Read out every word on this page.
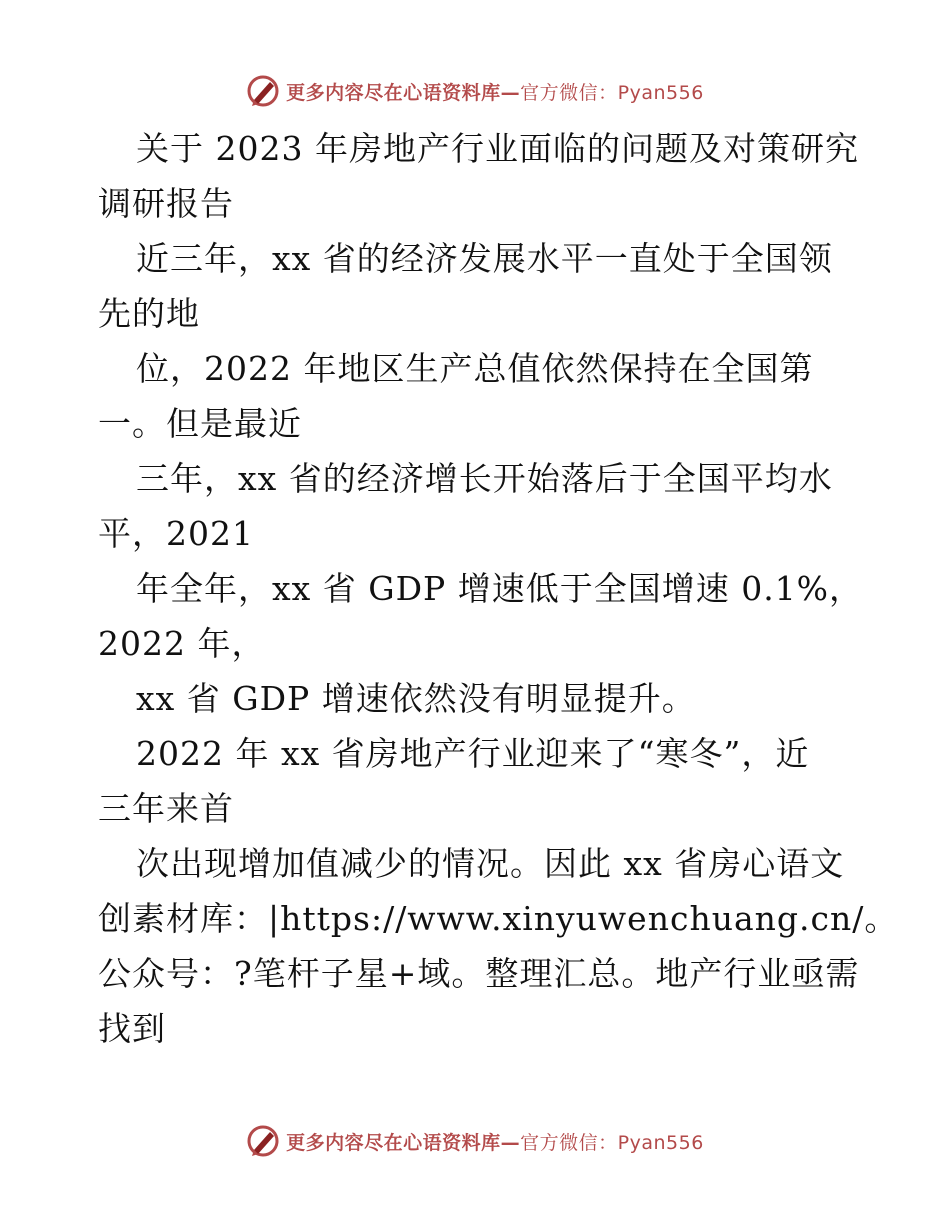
更多内容尽在心语资料库—官方微信：Pyan556
关于 2023 年房地产行业面临的问题及对策研究
调研报告
近三年，xx 省的经济发展水平一直处于全国领
先的地
位，2022 年地区生产总值依然保持在全国第
一。但是最近
三年，xx 省的经济增长开始落后于全国平均水
平，2021
年全年，xx 省 GDP 增速低于全国增速 0.1%，
2022 年，
xx 省 GDP 增速依然没有明显提升。
2022 年 xx 省房地产行业迎来了“寒冬”，近
三年来首
次出现增加值减少的情况。因此 xx 省房心语文
创素材库：|https://www.xinyuwenchuang.cn/。
公众号：?笔杆子星+域。整理汇总。地产行业亟需
找到
更多内容尽在心语资料库—官方微信：Pyan556
